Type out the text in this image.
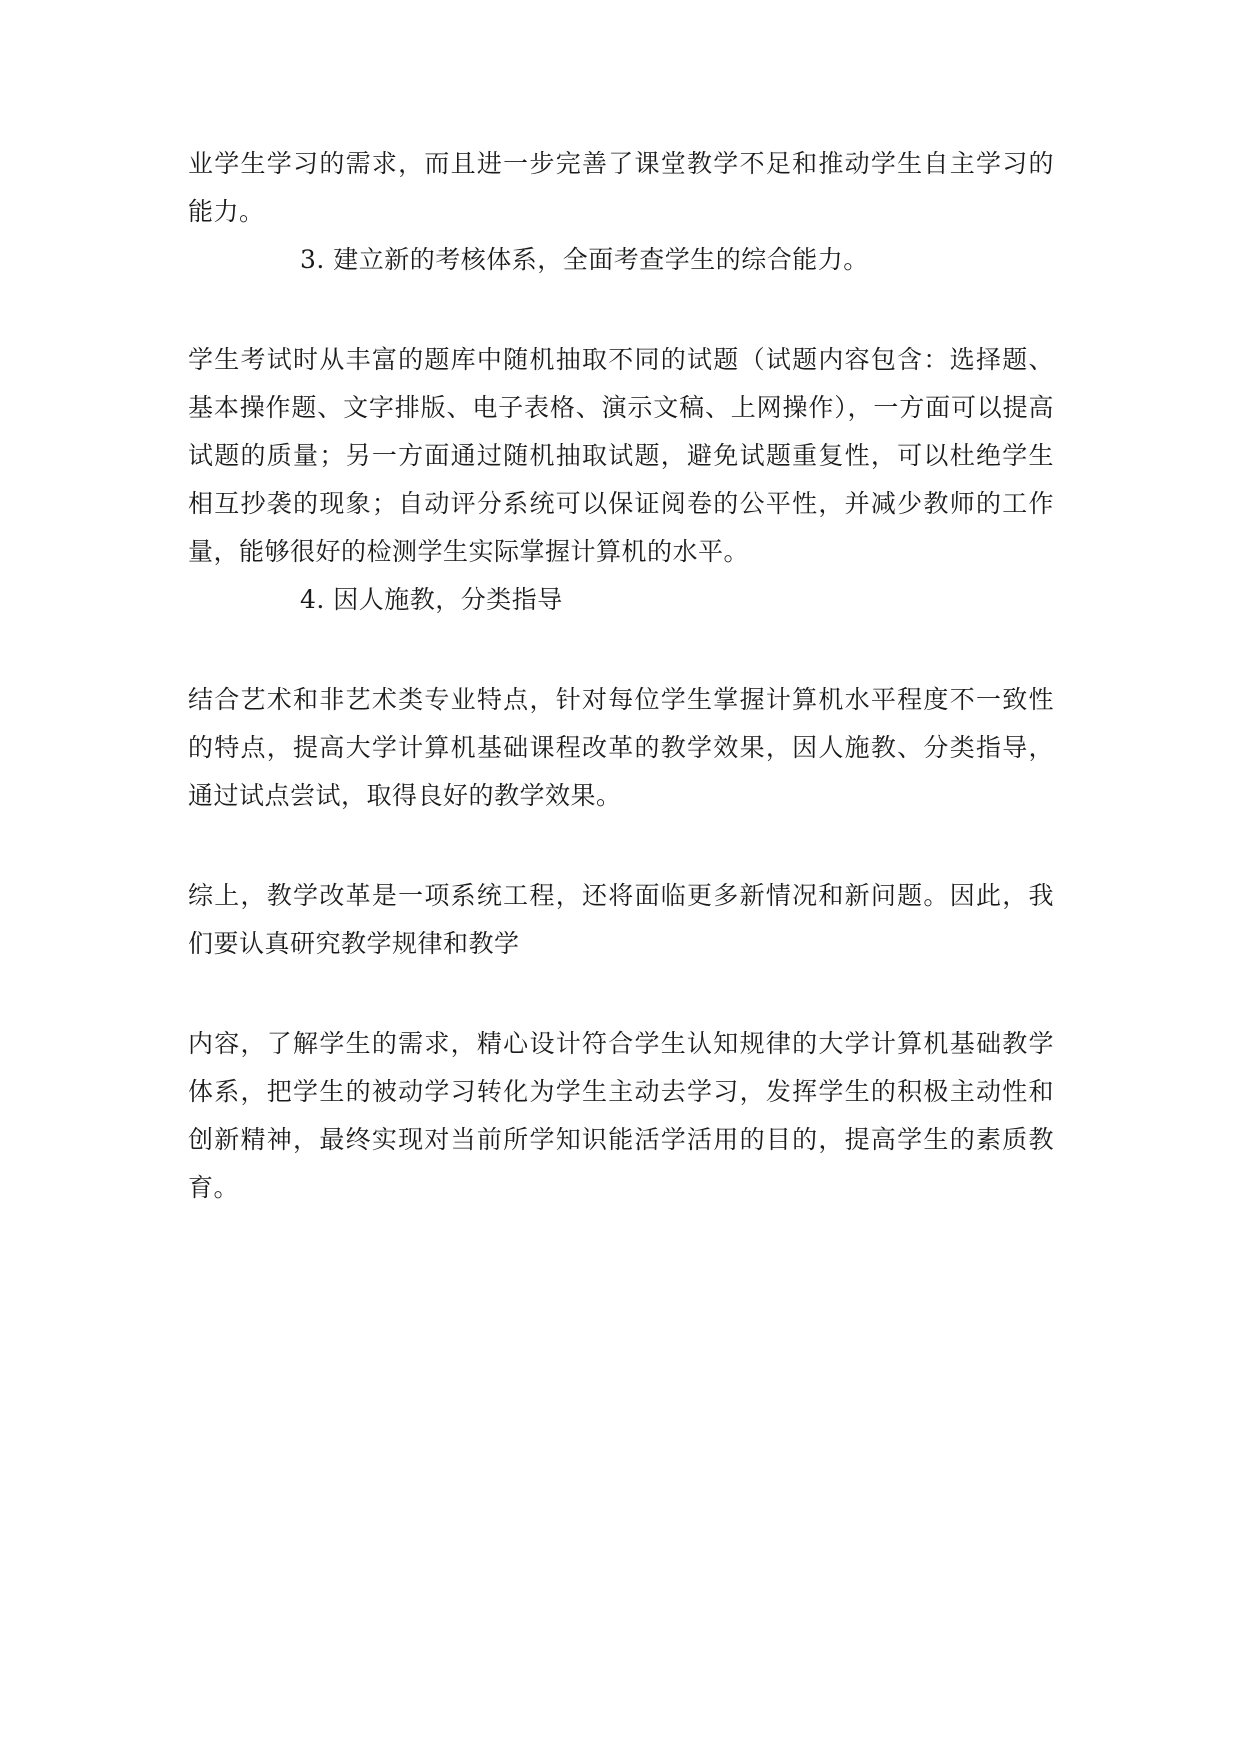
业学生学习的需求，而且进一步完善了课堂教学不足和推动学生自主学习的能力。

3. 建立新的考核体系，全面考查学生的综合能力。

学生考试时从丰富的题库中随机抽取不同的试题（试题内容包含：选择题、基本操作题、文字排版、电子表格、演示文稿、上网操作），一方面可以提高试题的质量；另一方面通过随机抽取试题，避免试题重复性，可以杜绝学生相互抄袭的现象；自动评分系统可以保证阅卷的公平性，并减少教师的工作量，能够很好的检测学生实际掌握计算机的水平。

4. 因人施教，分类指导

结合艺术和非艺术类专业特点，针对每位学生掌握计算机水平程度不一致性的特点，提高大学计算机基础课程改革的教学效果，因人施教、分类指导，通过试点尝试，取得良好的教学效果。

综上，教学改革是一项系统工程，还将面临更多新情况和新问题。因此，我们要认真研究教学规律和教学

内容，了解学生的需求，精心设计符合学生认知规律的大学计算机基础教学体系，把学生的被动学习转化为学生主动去学习，发挥学生的积极主动性和创新精神，最终实现对当前所学知识能活学活用的目的，提高学生的素质教育。
